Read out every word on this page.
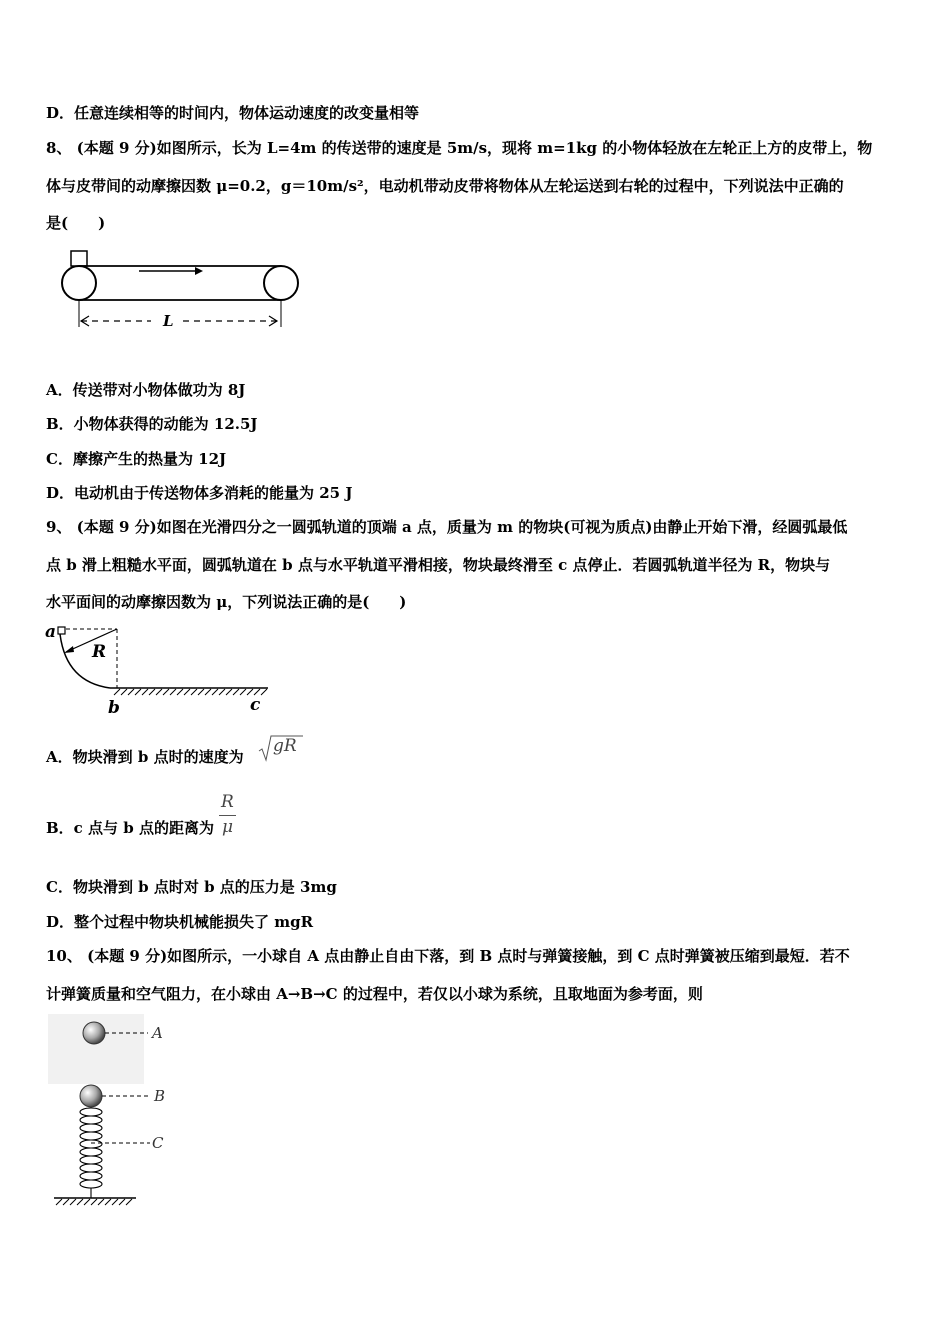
D．任意连续相等的时间内，物体运动速度的改变量相等
8、 (本题 9 分)如图所示，长为 L=4m 的传送带的速度是 5m/s，现将 m=1kg 的小物体轻放在左轮正上方的皮带上，物
体与皮带间的动摩擦因数 μ=0.2，g＝10m/s²，电动机带动皮带将物体从左轮运送到右轮的过程中，下列说法中正确的
是(　　)
L
A．传送带对小物体做功为 8J
B．小物体获得的动能为 12.5J
C．摩擦产生的热量为 12J
D．电动机由于传送物体多消耗的能量为 25 J
9、 (本题 9 分)如图在光滑四分之一圆弧轨道的顶端 a 点，质量为 m 的物块(可视为质点)由静止开始下滑，经圆弧最低
点 b 滑上粗糙水平面，圆弧轨道在 b 点与水平轨道平滑相接，物块最终滑至 c 点停止．若圆弧轨道半径为 R，物块与
水平面间的动摩擦因数为 μ，下列说法正确的是(　　)
a
R
b	c
A．物块滑到 b 点时的速度为
gR
B．c 点与 b 点的距离为
R
μ
C．物块滑到 b 点时对 b 点的压力是 3mg
D．整个过程中物块机械能损失了 mgR
10、 (本题 9 分)如图所示，一小球自 A 点由静止自由下落，到 B 点时与弹簧接触，到 C 点时弹簧被压缩到最短．若不
计弹簧质量和空气阻力，在小球由 A→B→C 的过程中，若仅以小球为系统，且取地面为参考面，则
A
B
C
